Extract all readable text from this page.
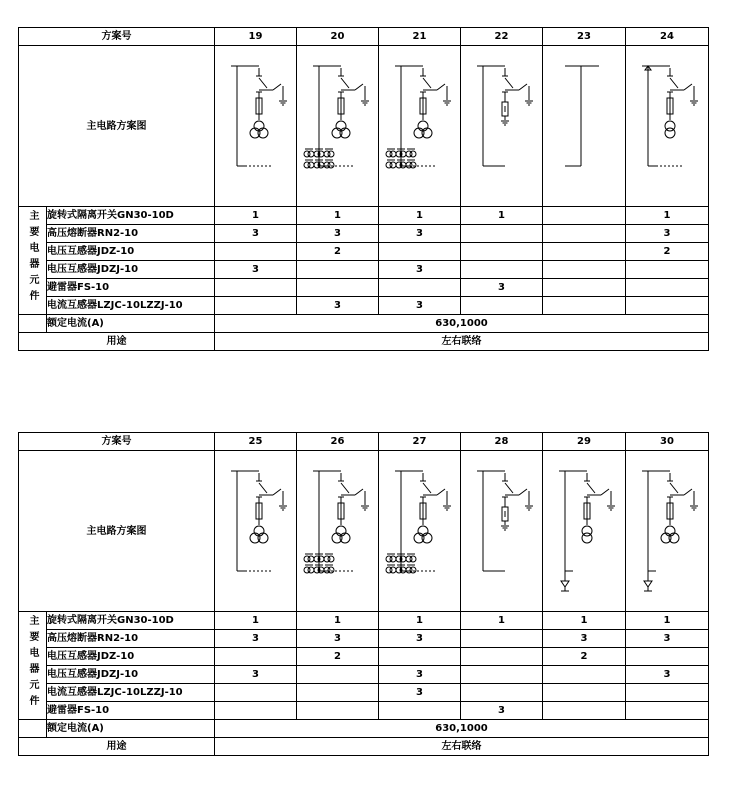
方案号		19	20	21	22	23	24
主电路方案图	

主要电器元件	旋转式隔离开关GN30-10D	1	1	1	1		1
	高压熔断器RN2-10	3	3	3			3
	电压互感器JDZ-10		2				2
	电压互感器JDZJ-10	3		3			
	避雷器FS-10				3		
	电流互感器LZJC-10LZZJ-10		3	3			
	额定电流(A)	630,1000					
用途		左右联络					
方案号		25	26	27	28	29	30
主电路方案图	

主要电器元件	旋转式隔离开关GN30-10D	1	1	1	1	1	1
	高压熔断器RN2-10	3	3	3		3	3
	电压互感器JDZ-10		2			2	
	电压互感器JDZJ-10	3		3			3
	电流互感器LZJC-10LZZJ-10			3			
	避雷器FS-10				3		
	额定电流(A)	630,1000					
用途		左右联络					
